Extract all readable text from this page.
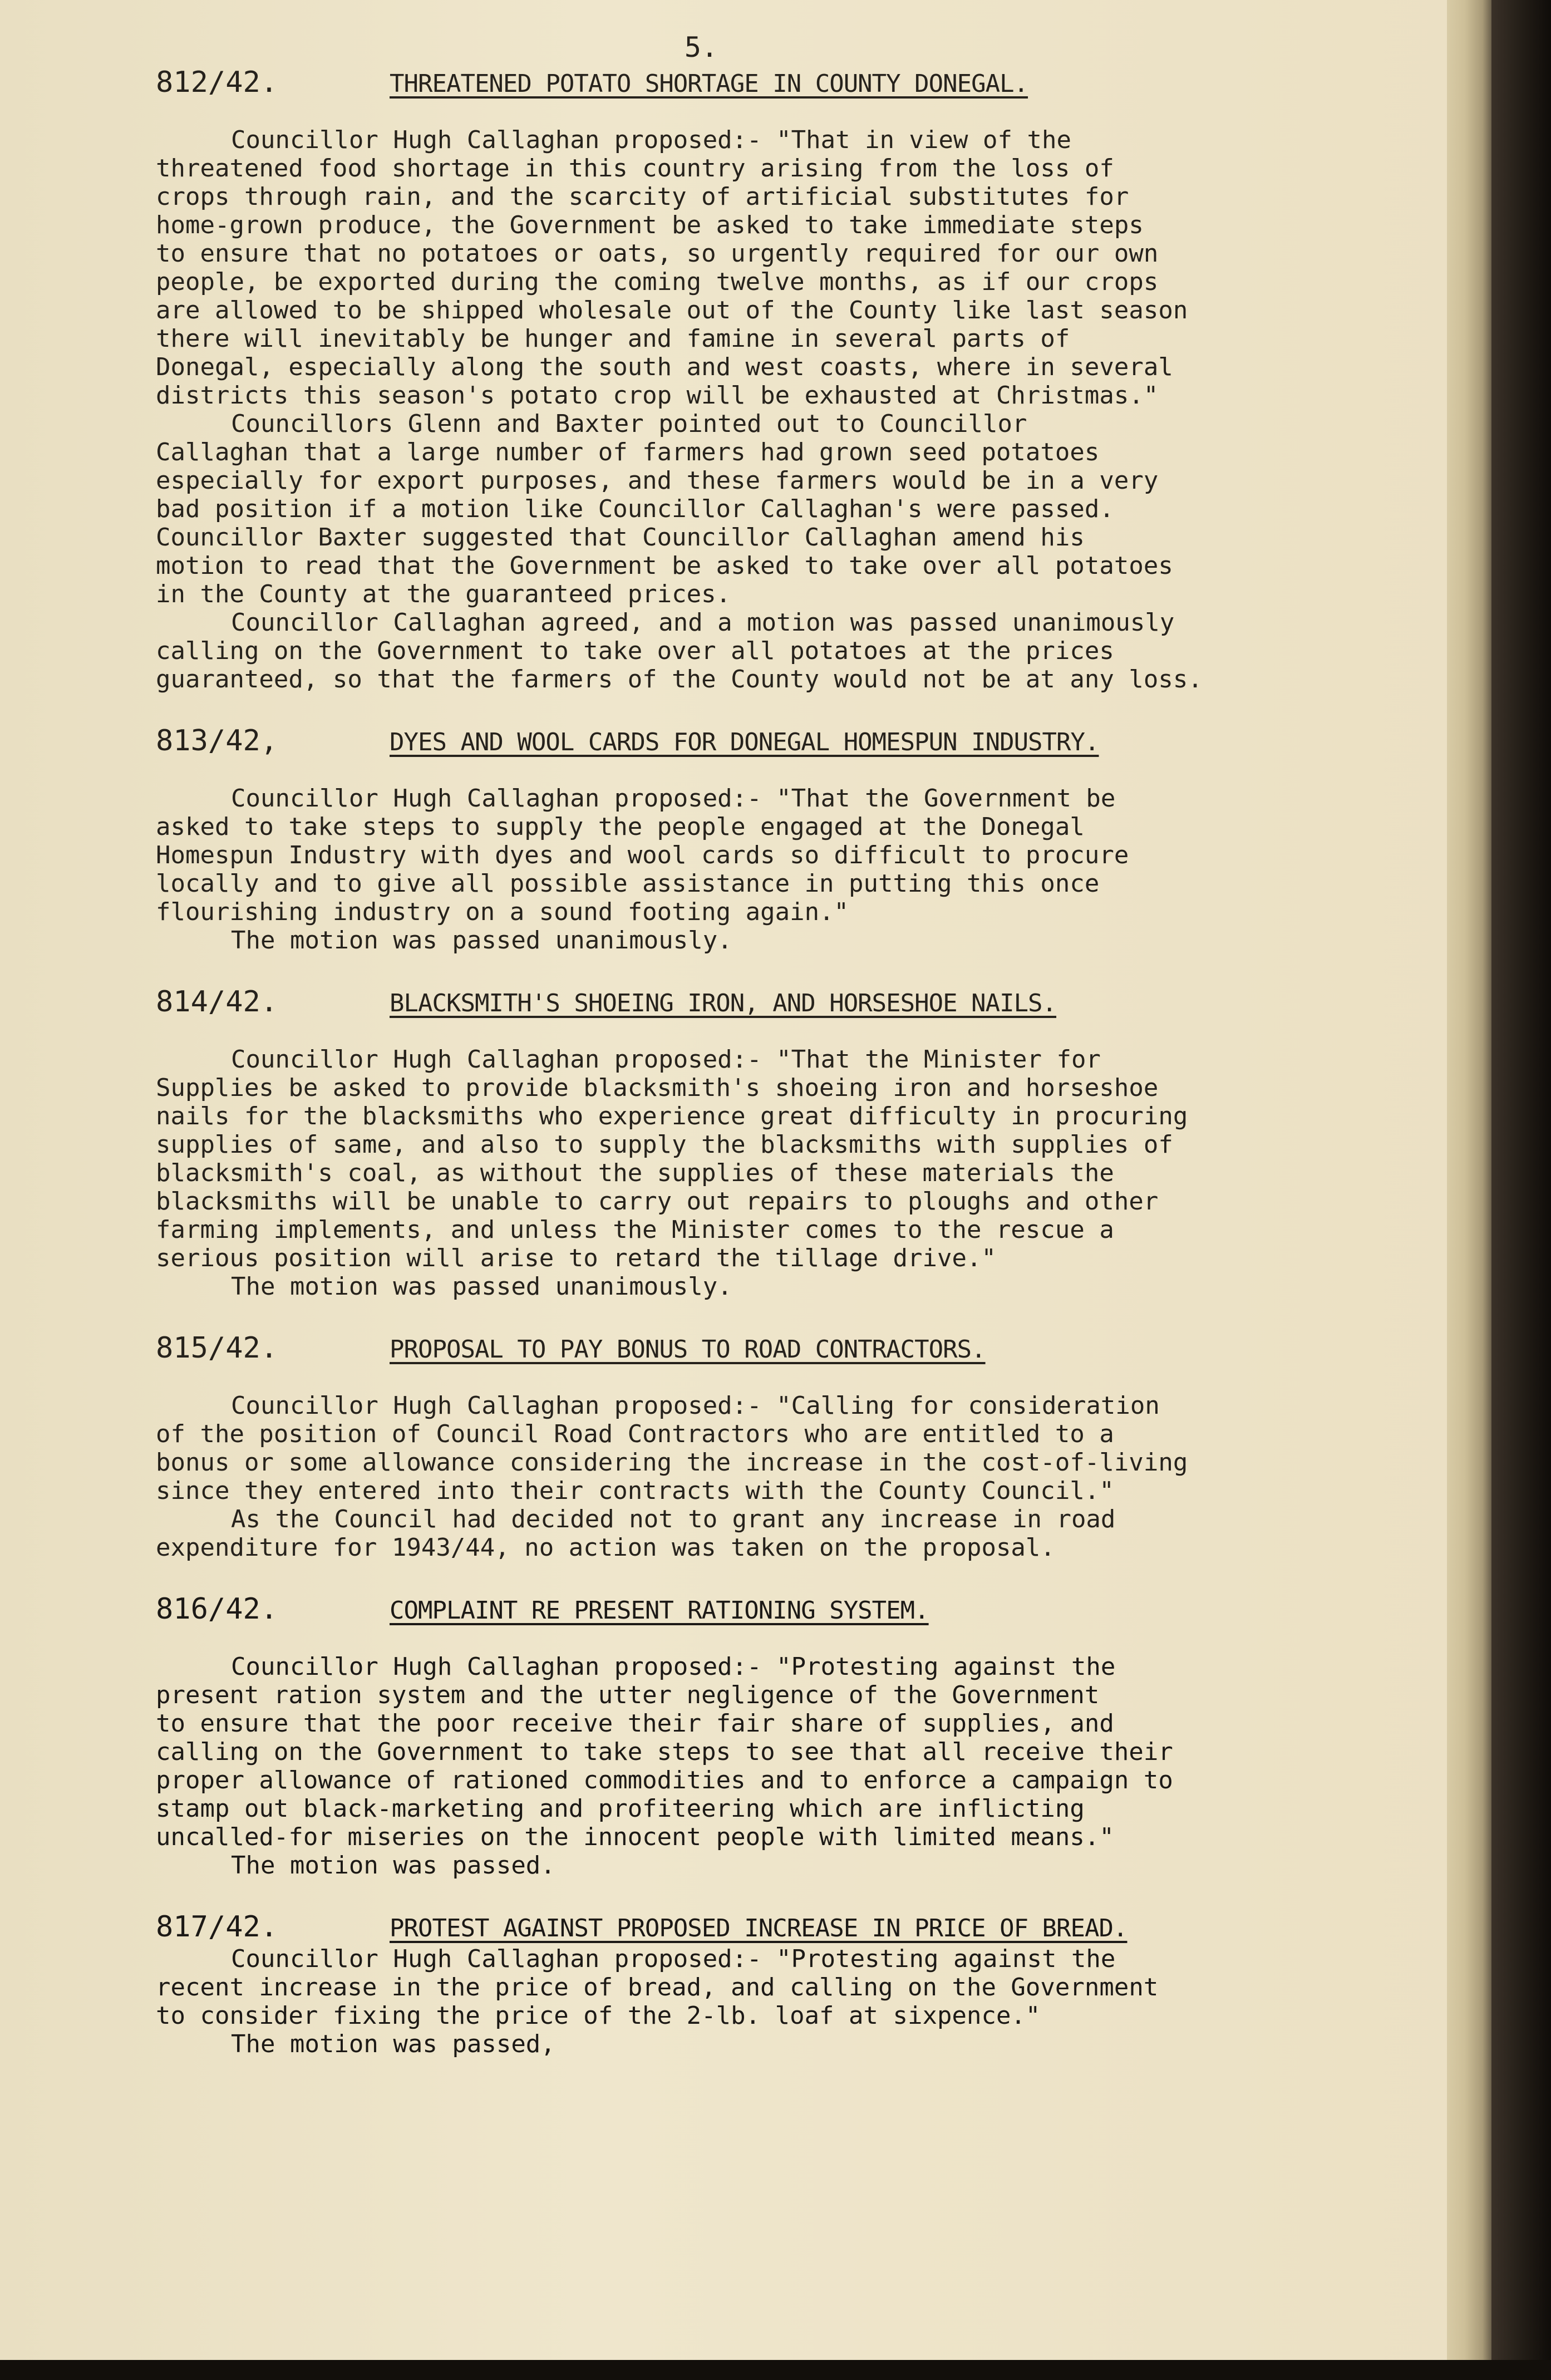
5.
812/42.	THREATENED POTATO SHORTAGE IN COUNTY DONEGAL.

Councillor Hugh Callaghan proposed:- "That in view of the
threatened food shortage in this country arising from the loss of
crops through rain, and the scarcity of artificial substitutes for
home-grown produce, the Government be asked to take immediate steps
to ensure that no potatoes or oats, so urgently required for our own
people, be exported during the coming twelve months, as if our crops
are allowed to be shipped wholesale out of the County like last season
there will inevitably be hunger and famine in several parts of
Donegal, especially along the south and west coasts, where in several
districts this season's potato crop will be exhausted at Christmas."

Councillors Glenn and Baxter pointed out to Councillor
Callaghan that a large number of farmers had grown seed potatoes
especially for export purposes, and these farmers would be in a very
bad position if a motion like Councillor Callaghan's were passed.
Councillor Baxter suggested that Councillor Callaghan amend his
motion to read that the Government be asked to take over all potatoes
in the County at the guaranteed prices.

Councillor Callaghan agreed, and a motion was passed unanimously
calling on the Government to take over all potatoes at the prices
guaranteed, so that the farmers of the County would not be at any loss.

813/42,	DYES AND WOOL CARDS FOR DONEGAL HOMESPUN INDUSTRY.

Councillor Hugh Callaghan proposed:- "That the Government be
asked to take steps to supply the people engaged at the Donegal
Homespun Industry with dyes and wool cards so difficult to procure
locally and to give all possible assistance in putting this once
flourishing industry on a sound footing again."

The motion was passed unanimously.

814/42.	BLACKSMITH'S SHOEING IRON, AND HORSESHOE NAILS.

Councillor Hugh Callaghan proposed:- "That the Minister for
Supplies be asked to provide blacksmith's shoeing iron and horseshoe
nails for the blacksmiths who experience great difficulty in procuring
supplies of same, and also to supply the blacksmiths with supplies of
blacksmith's coal, as without the supplies of these materials the
blacksmiths will be unable to carry out repairs to ploughs and other
farming implements, and unless the Minister comes to the rescue a
serious position will arise to retard the tillage drive."

The motion was passed unanimously.

815/42.	PROPOSAL TO PAY BONUS TO ROAD CONTRACTORS.

Councillor Hugh Callaghan proposed:- "Calling for consideration
of the position of Council Road Contractors who are entitled to a
bonus or some allowance considering the increase in the cost-of-living
since they entered into their contracts with the County Council."

As the Council had decided not to grant any increase in road
expenditure for 1943/44, no action was taken on the proposal.

816/42.	COMPLAINT RE PRESENT RATIONING SYSTEM.

Councillor Hugh Callaghan proposed:- "Protesting against the
present ration system and the utter negligence of the Government
to ensure that the poor receive their fair share of supplies, and
calling on the Government to take steps to see that all receive their
proper allowance of rationed commodities and to enforce a campaign to
stamp out black-marketing and profiteering which are inflicting
uncalled-for miseries on the innocent people with limited means."

The motion was passed.

817/42.	PROTEST AGAINST PROPOSED INCREASE IN PRICE OF BREAD.

Councillor Hugh Callaghan proposed:- "Protesting against the
recent increase in the price of bread, and calling on the Government
to consider fixing the price of the 2-lb. loaf at sixpence."

The motion was passed,
